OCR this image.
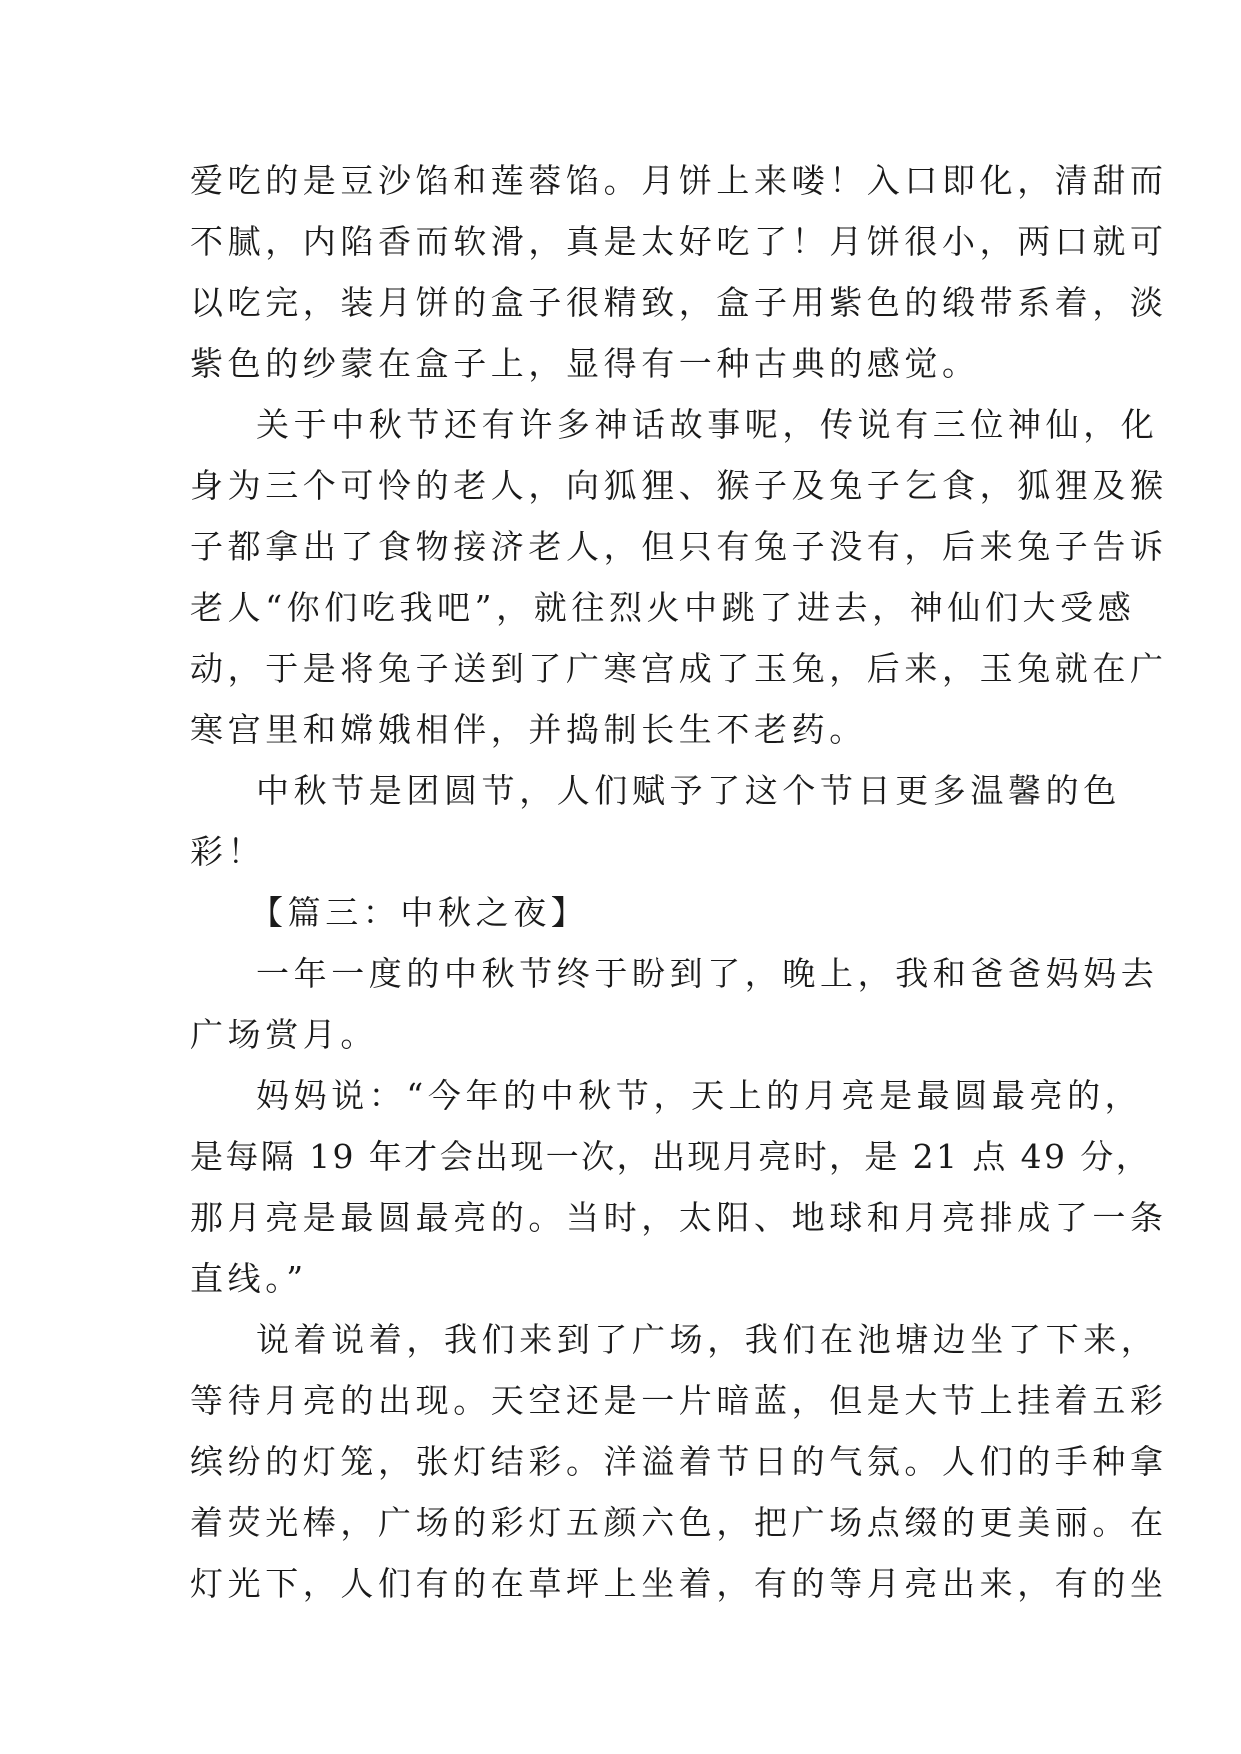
爱吃的是豆沙馅和莲蓉馅。月饼上来喽！入口即化，清甜而
不腻，内陷香而软滑，真是太好吃了！月饼很小，两口就可
以吃完，装月饼的盒子很精致，盒子用紫色的缎带系着，淡
紫色的纱蒙在盒子上，显得有一种古典的感觉。
关于中秋节还有许多神话故事呢，传说有三位神仙，化
身为三个可怜的老人，向狐狸、猴子及兔子乞食，狐狸及猴
子都拿出了食物接济老人，但只有兔子没有，后来兔子告诉
老人“你们吃我吧”，就往烈火中跳了进去，神仙们大受感
动，于是将兔子送到了广寒宫成了玉兔，后来，玉兔就在广
寒宫里和嫦娥相伴，并捣制长生不老药。
中秋节是团圆节，人们赋予了这个节日更多温馨的色
彩！
【篇三：中秋之夜】
一年一度的中秋节终于盼到了，晚上，我和爸爸妈妈去
广场赏月。
妈妈说：“今年的中秋节，天上的月亮是最圆最亮的，
是每隔 19 年才会出现一次，出现月亮时，是 21 点 49 分，
那月亮是最圆最亮的。当时，太阳、地球和月亮排成了一条
直线。”
说着说着，我们来到了广场，我们在池塘边坐了下来，
等待月亮的出现。天空还是一片暗蓝，但是大节上挂着五彩
缤纷的灯笼，张灯结彩。洋溢着节日的气氛。人们的手种拿
着荧光棒，广场的彩灯五颜六色，把广场点缀的更美丽。在
灯光下，人们有的在草坪上坐着，有的等月亮出来，有的坐
